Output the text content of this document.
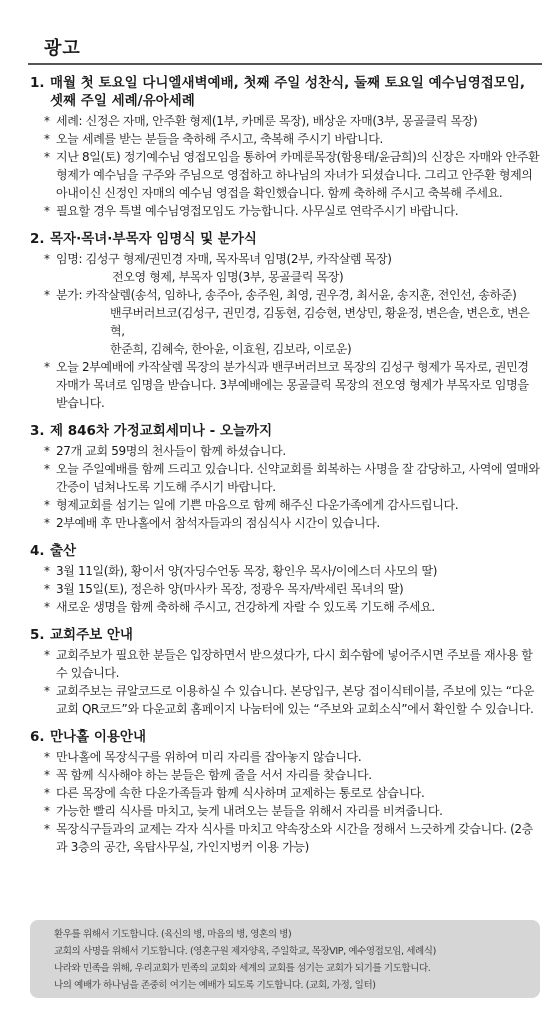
광고
1. 매월 첫 토요일 다니엘새벽예배, 첫째 주일 성찬식, 둘째 토요일 예수님영접모임, 셋째 주일 세례/유아세례
* 세례: 신정은 자매, 안주환 형제(1부, 카메룬 목장), 배상운 자매(3부, 몽골클릭 목장)
* 오늘 세례를 받는 분들을 축하해 주시고, 축복해 주시기 바랍니다.
* 지난 8일(토) 정기예수님 영접모임을 통하여 카메룬목장(함용태/윤금희)의 신장은 자매와 안주환 형제가 예수님을 구주와 주님으로 영접하고 하나님의 자녀가 되셨습니다. 그리고 안주환 형제의 아내이신 신정인 자매의 예수님 영접을 확인했습니다. 함께 축하해 주시고 축복해 주세요.
* 필요할 경우 특별 예수님영접모임도 가능합니다. 사무실로 연락주시기 바랍니다.
2. 목자·목녀·부목자 임명식 및 분가식
* 임명: 김성구 형제/권민경 자매, 목자목녀 임명(2부, 카작살렘 목장)
전오영 형제, 부목자 임명(3부, 몽골클릭 목장)
* 분가: 카작살렘(송석, 임하나, 송주아, 송주원, 최영, 권우경, 최서윤, 송지훈, 전인선, 송하준)
밴쿠버러브코(김성구, 권민경, 김동현, 김승현, 변상민, 황윤정, 변은솔, 변은호, 변은혁,
한준희, 김혜숙, 한아윤, 이효원, 김보라, 이로운)
* 오늘 2부예배에 카작살렘 목장의 분가식과 밴쿠버러브코 목장의 김성구 형제가 목자로, 권민경 자매가 목녀로 임명을 받습니다. 3부예배에는 몽골클릭 목장의 전오영 형제가 부목자로 임명을 받습니다.
3. 제 846차 가정교회세미나 - 오늘까지
* 27개 교회 59명의 천사들이 함께 하셨습니다.
* 오늘 주일예배를 함께 드리고 있습니다. 신약교회를 회복하는 사명을 잘 감당하고, 사역에 열매와 간증이 넘쳐나도록 기도해 주시기 바랍니다.
* 형제교회를 섬기는 일에 기쁜 마음으로 함께 해주신 다운가족에게 감사드립니다.
* 2부예배 후 만나홀에서 참석자들과의 점심식사 시간이 있습니다.
4. 출산
* 3월 11일(화), 황이서 양(자딩수언동 목장, 황인우 목사/이에스더 사모의 딸)
* 3월 15일(토), 정은하 양(마사카 목장, 정광우 목자/박세린 목녀의 딸)
* 새로운 생명을 함께 축하해 주시고, 건강하게 자랄 수 있도록 기도해 주세요.
5. 교회주보 안내
* 교회주보가 필요한 분들은 입장하면서 받으셨다가, 다시 회수함에 넣어주시면 주보를 재사용 할 수 있습니다.
* 교회주보는 큐알코드로 이용하실 수 있습니다. 본당입구, 본당 접이식테이블, 주보에 있는 “다운교회 QR코드”와 다운교회 홈페이지 나눔터에 있는 “주보와 교회소식”에서 확인할 수 있습니다.
6. 만나홀 이용안내
* 만나홀에 목장식구를 위하여 미리 자리를 잡아놓지 않습니다.
* 꼭 함께 식사해야 하는 분들은 함께 줄을 서서 자리를 찾습니다.
* 다른 목장에 속한 다운가족들과 함께 식사하며 교제하는 통로로 삼습니다.
* 가능한 빨리 식사를 마치고, 늦게 내려오는 분들을 위해서 자리를 비켜줍니다.
* 목장식구들과의 교제는 각자 식사를 마치고 약속장소와 시간을 정해서 느긋하게 갖습니다. (2층과 3층의 공간, 옥탑사무실, 가인지벙커 이용 가능)
환우를 위해서 기도합니다. (육신의 병, 마음의 병, 영혼의 병)
교회의 사명을 위해서 기도합니다. (영혼구원 제자양육, 주일학교, 목장VIP, 예수영접모임, 세례식)
나라와 민족을 위해, 우리교회가 민족의 교회와 세계의 교회를 섬기는 교회가 되기를 기도합니다.
나의 예배가 하나님을 존중히 여기는 예배가 되도록 기도합니다. (교회, 가정, 일터)
